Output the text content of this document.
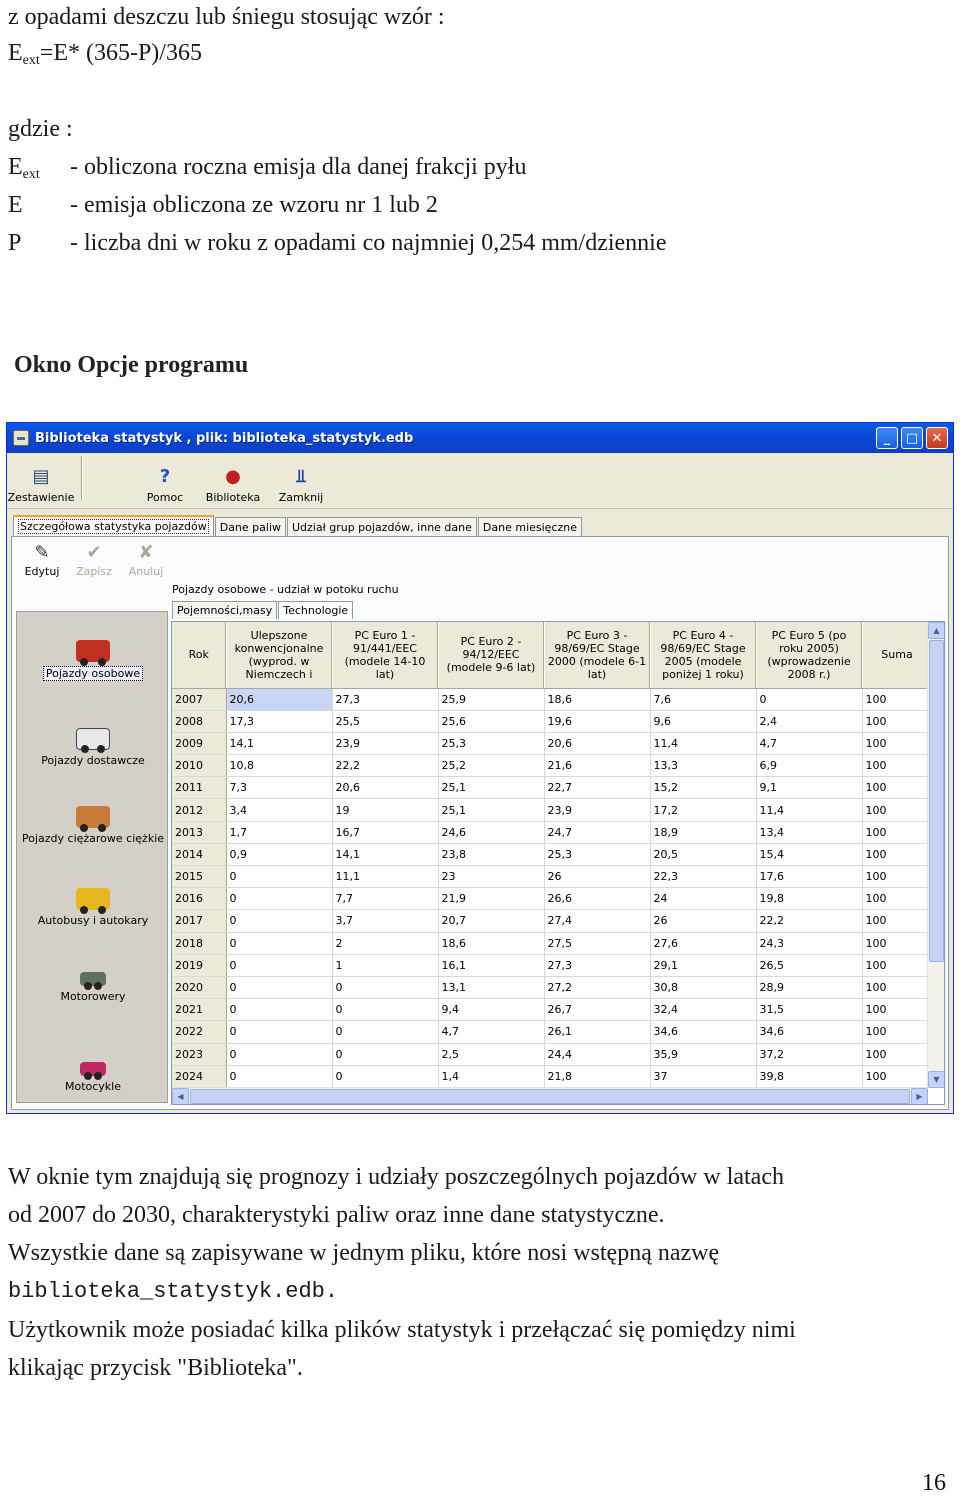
z opadami deszczu lub śniegu stosując wzór :
$E_{ext}=E*$ (365-P)/365
gdzie :
$E_{ext}$ - obliczona roczna emisja dla danej frakcji pyłu
E - emisja obliczona ze wzoru nr 1 lub 2
P - liczba dni w roku z opadami co najmniej 0,254 mm/dziennie
Okno Opcje programu
Biblioteka statystyk , plik: biblioteka_statystyk.edb	_	□	✕
▤
Zestawienie
?
Pomoc
●
Biblioteka
⫫
Zamknij
Szczegółowa statystyka pojazdów	Dane paliw	Udział grup pojazdów, inne dane	Dane miesięczne
✎
Edytuj
✔
Zapisz
✘
Anuluj
Pojazdy osobowe
Pojazdy dostawcze
Pojazdy ciężarowe ciężkie
Autobusy i autokary
Motorowery
Motocykle
Pojazdy osobowe - udział w potoku ruchu
Pojemności,masy	Technologie
Rok	Ulepszone konwencjonalne (wyprod. w Niemczech i	PC Euro 1 - 91/441/EEC (modele 14-10 lat)	PC Euro 2 - 94/12/EEC (modele 9-6 lat)	PC Euro 3 - 98/69/EC Stage 2000 (modele 6-1 lat)	PC Euro 4 - 98/69/EC Stage 2005 (modele poniżej 1 roku)	PC Euro 5 (po roku 2005) (wprowadzenie 2008 r.)	Suma
2007	20,6	27,3	25,9	18,6	7,6	0	100
2008	17,3	25,5	25,6	19,6	9,6	2,4	100
2009	14,1	23,9	25,3	20,6	11,4	4,7	100
2010	10,8	22,2	25,2	21,6	13,3	6,9	100
2011	7,3	20,6	25,1	22,7	15,2	9,1	100
2012	3,4	19	25,1	23,9	17,2	11,4	100
2013	1,7	16,7	24,6	24,7	18,9	13,4	100
2014	0,9	14,1	23,8	25,3	20,5	15,4	100
2015	0	11,1	23	26	22,3	17,6	100
2016	0	7,7	21,9	26,6	24	19,8	100
2017	0	3,7	20,7	27,4	26	22,2	100
2018	0	2	18,6	27,5	27,6	24,3	100
2019	0	1	16,1	27,3	29,1	26,5	100
2020	0	0	13,1	27,2	30,8	28,9	100
2021	0	0	9,4	26,7	32,4	31,5	100
2022	0	0	4,7	26,1	34,6	34,6	100
2023	0	0	2,5	24,4	35,9	37,2	100
2024	0	0	1,4	21,8	37	39,8	100
▲
▼
◀	▶
W oknie tym znajdują się prognozy i udziały poszczególnych pojazdów w latach
od 2007 do 2030, charakterystyki paliw oraz inne dane statystyczne.
Wszystkie dane są zapisywane w jednym pliku, które nosi wstępną nazwę
biblioteka_statystyk.edb.
Użytkownik może posiadać kilka plików statystyk i przełączać się pomiędzy nimi
klikając przycisk "Biblioteka".
16
